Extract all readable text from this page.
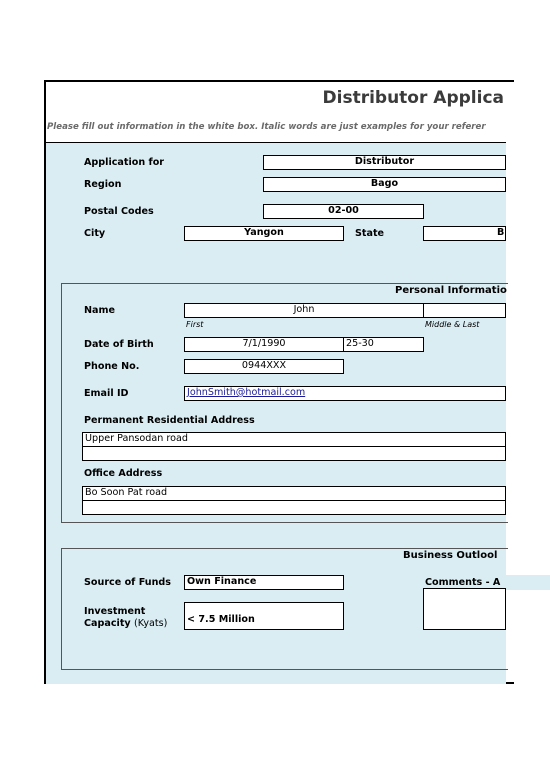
Distributor Applica
Please fill out information in the white box. Italic words are just examples for your referer
Application for	Distributor
Region	Bago
Postal Codes	02-00
City	Yangon	State	B
Personal Informatio
Name	John
First	Middle & Last
Date of Birth	7/1/1990	25-30
Phone No.	0944XXX
Email ID	JohnSmith@hotmail.com
Permanent Residential Address
Upper Pansodan road
Office Address
Bo Soon Pat road
Business Outlool
Source of Funds	Own Finance	Comments - A
Investment
Capacity (Kyats)	< 7.5 Million
